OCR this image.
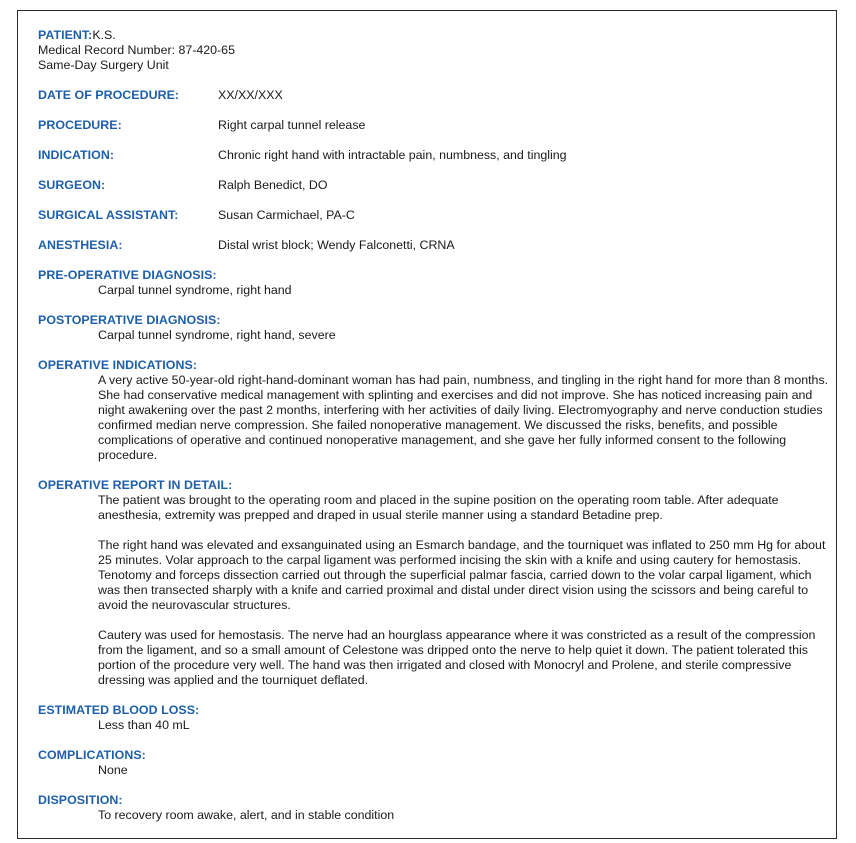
PATIENT:K.S.
Medical Record Number: 87-420-65
Same-Day Surgery Unit
DATE OF PROCEDURE:	XX/XX/XXX
PROCEDURE:	Right carpal tunnel release
INDICATION:	Chronic right hand with intractable pain, numbness, and tingling
SURGEON:	Ralph Benedict, DO
SURGICAL ASSISTANT:	Susan Carmichael, PA-C
ANESTHESIA:	Distal wrist block; Wendy Falconetti, CRNA
PRE-OPERATIVE DIAGNOSIS:
Carpal tunnel syndrome, right hand
POSTOPERATIVE DIAGNOSIS:
Carpal tunnel syndrome, right hand, severe
OPERATIVE INDICATIONS:
A very active 50-year-old right-hand-dominant woman has had pain, numbness, and tingling in the right hand for more than 8 months. She had conservative medical management with splinting and exercises and did not improve. She has noticed increasing pain and night awakening over the past 2 months, interfering with her activities of daily living. Electromyography and nerve conduction studies confirmed median nerve compression. She failed nonoperative management. We discussed the risks, benefits, and possible complications of operative and continued nonoperative management, and she gave her fully informed consent to the following procedure.
OPERATIVE REPORT IN DETAIL:

The patient was brought to the operating room and placed in the supine position on the operating room table. After adequate anesthesia, extremity was prepped and draped in usual sterile manner using a standard Betadine prep.

The right hand was elevated and exsanguinated using an Esmarch bandage, and the tourniquet was inflated to 250 mm Hg for about 25 minutes. Volar approach to the carpal ligament was performed incising the skin with a knife and using cautery for hemostasis. Tenotomy and forceps dissection carried out through the superficial palmar fascia, carried down to the volar carpal ligament, which was then transected sharply with a knife and carried proximal and distal under direct vision using the scissors and being careful to avoid the neurovascular structures.

Cautery was used for hemostasis. The nerve had an hourglass appearance where it was constricted as a result of the compression from the ligament, and so a small amount of Celestone was dripped onto the nerve to help quiet it down. The patient tolerated this portion of the procedure very well. The hand was then irrigated and closed with Monocryl and Prolene, and sterile compressive dressing was applied and the tourniquet deflated.

ESTIMATED BLOOD LOSS:
Less than 40 mL
COMPLICATIONS:
None
DISPOSITION:
To recovery room awake, alert, and in stable condition
